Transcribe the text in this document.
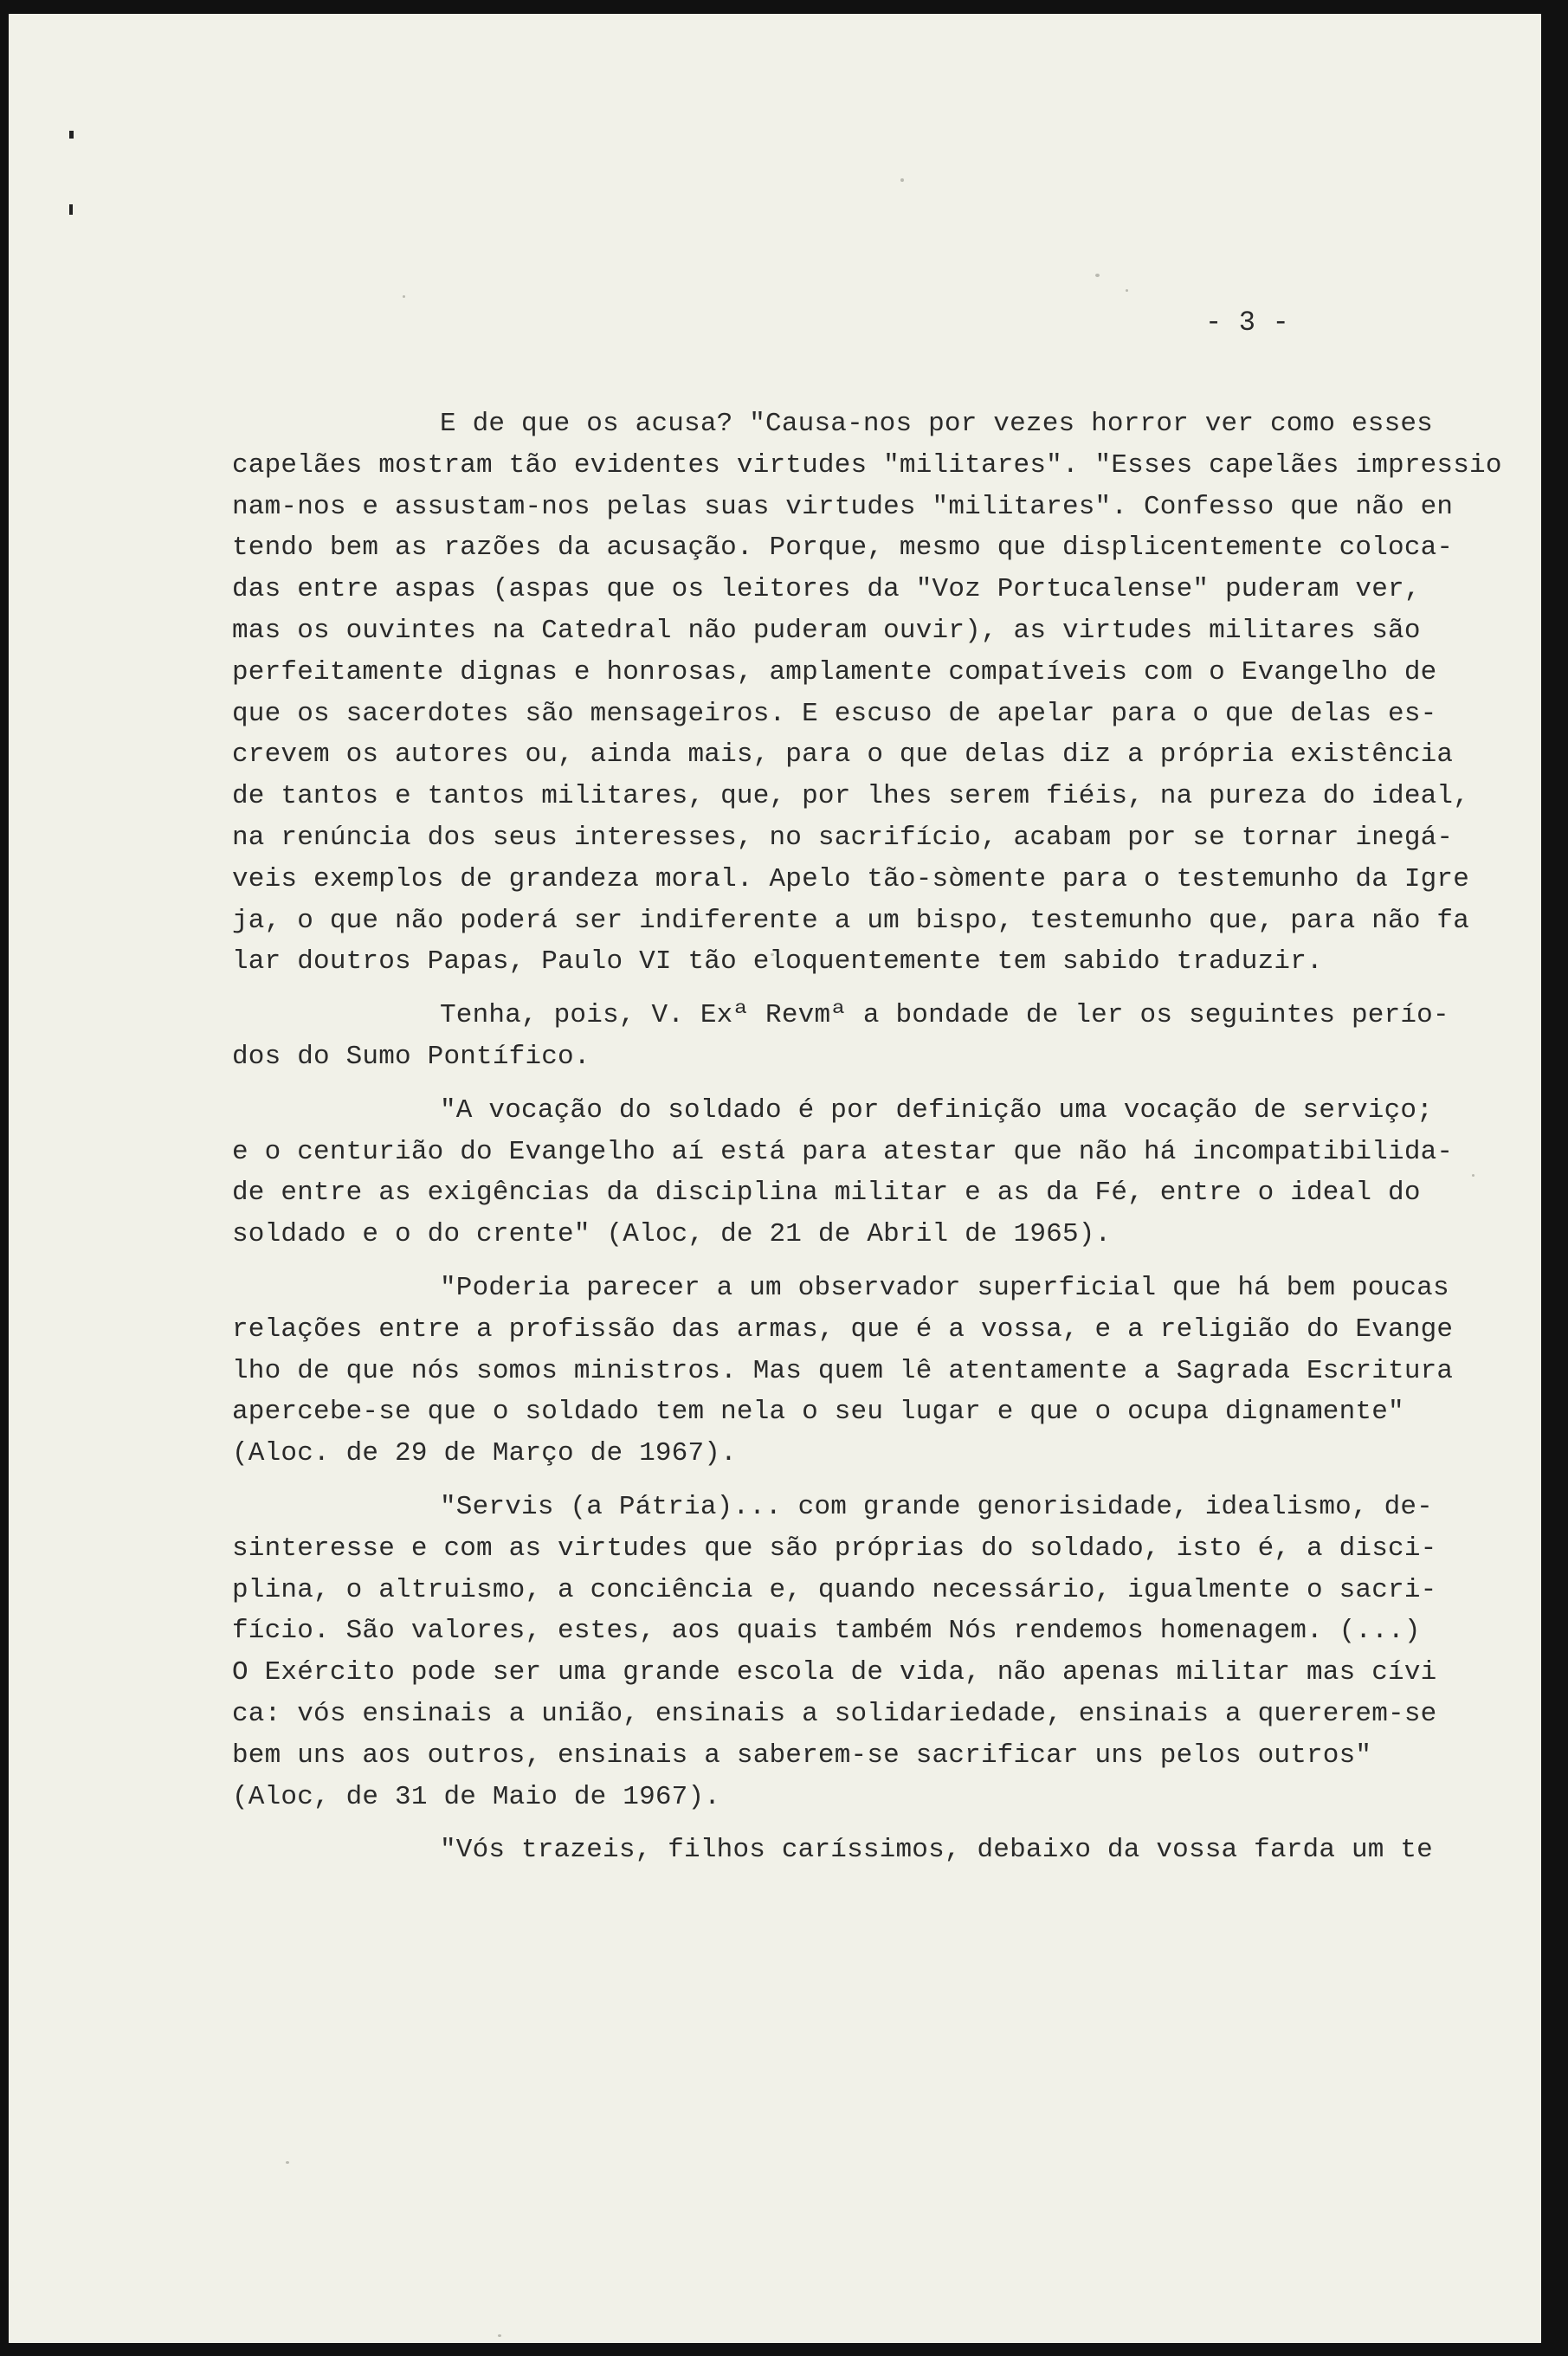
- 3 -
E de que os acusa? "Causa-nos por vezes horror ver como esses
capelães mostram tão evidentes virtudes "militares". "Esses capelães impressio
nam-nos e assustam-nos pelas suas virtudes "militares". Confesso que não en
tendo bem as razões da acusação. Porque, mesmo que displicentemente coloca-
das entre aspas (aspas que os leitores da "Voz Portucalense" puderam ver,
mas os ouvintes na Catedral não puderam ouvir), as virtudes militares são
perfeitamente dignas e honrosas, amplamente compatíveis com o Evangelho de
que os sacerdotes são mensageiros. E escuso de apelar para o que delas es-
crevem os autores ou, ainda mais, para o que delas diz a própria existência
de tantos e tantos militares, que, por lhes serem fiéis, na pureza do ideal,
na renúncia dos seus interesses, no sacrifício, acabam por se tornar inegá-
veis exemplos de grandeza moral. Apelo tão-sòmente para o testemunho da Igre
ja, o que não poderá ser indiferente a um bispo, testemunho que, para não fa
lar doutros Papas, Paulo VI tão eloquentemente tem sabido traduzir.
Tenha, pois, V. Exª Revmª a bondade de ler os seguintes perío-
dos do Sumo Pontífico.
"A vocação do soldado é por definição uma vocação de serviço;
e o centurião do Evangelho aí está para atestar que não há incompatibilida-
de entre as exigências da disciplina militar e as da Fé, entre o ideal do
soldado e o do crente" (Aloc, de 21 de Abril de 1965).
"Poderia parecer a um observador superficial que há bem poucas
relações entre a profissão das armas, que é a vossa, e a religião do Evange
lho de que nós somos ministros. Mas quem lê atentamente a Sagrada Escritura
apercebe-se que o soldado tem nela o seu lugar e que o ocupa dignamente"
(Aloc. de 29 de Março de 1967).
"Servis (a Pátria)... com grande genorisidade, idealismo, de-
sinteresse e com as virtudes que são próprias do soldado, isto é, a disci-
plina, o altruismo, a conciência e, quando necessário, igualmente o sacri-
fício. São valores, estes, aos quais também Nós rendemos homenagem. (...)
O Exército pode ser uma grande escola de vida, não apenas militar mas cívi
ca: vós ensinais a união, ensinais a solidariedade, ensinais a quererem-se
bem uns aos outros, ensinais a saberem-se sacrificar uns pelos outros"
(Aloc, de 31 de Maio de 1967).
"Vós trazeis, filhos caríssimos, debaixo da vossa farda um te
